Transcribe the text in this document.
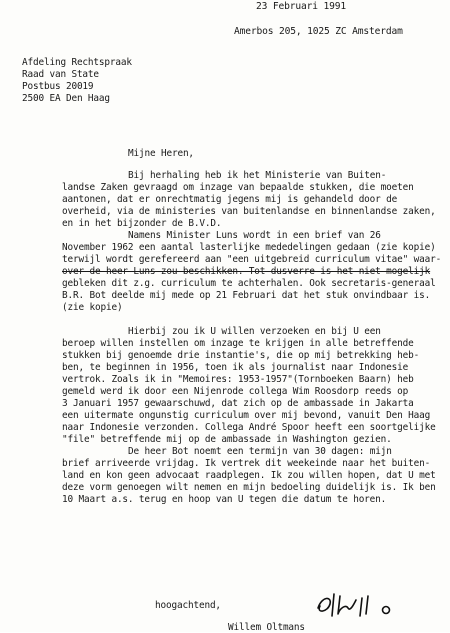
23 Februari 1991

Amerbos 205, 1025 ZC Amsterdam

Afdeling Rechtspraak

Raad van State

Postbus 20019

2500 EA Den Haag

Mijne Heren,

Bij herhaling heb ik het Ministerie van Buiten-

landse Zaken gevraagd om inzage van bepaalde stukken, die moeten

aantonen, dat er onrechtmatig jegens mij is gehandeld door de

overheid, via de ministeries van buitenlandse en binnenlandse zaken,

en in het bijzonder de B.V.D.

Namens Minister Luns wordt in een brief van 26

November 1962 een aantal lasterlijke mededelingen gedaan (zie kopie)

terwijl wordt gerefereerd aan "een uitgebreid curriculum vitae" waar-

over de heer Luns zou beschikken. Tot dusverre is het niet mogelijk

gebleken dit z.g. curriculum te achterhalen. Ook secretaris-generaal

B.R. Bot deelde mij mede op 21 Februari dat het stuk onvindbaar is.

(zie kopie)

Hierbij zou ik U willen verzoeken en bij U een

beroep willen instellen om inzage te krijgen in alle betreffende

stukken bij genoemde drie instantie's, die op mij betrekking heb-

ben, te beginnen in 1956, toen ik als journalist naar Indonesie

vertrok. Zoals ik in "Memoires: 1953-1957"(Tornboeken Baarn) heb

gemeld werd ik door een Nijenrode collega Wim Roosdorp reeds op

3 Januari 1957 gewaarschuwd, dat zich op de ambassade in Jakarta

een uitermate ongunstig curriculum over mij bevond, vanuit Den Haag

naar Indonesie verzonden. Collega André Spoor heeft een soortgelijke

"file" betreffende mij op de ambassade in Washington gezien.

De heer Bot noemt een termijn van 30 dagen: mijn

brief arriveerde vrijdag. Ik vertrek dit weekeinde naar het buiten-

land en kon geen advocaat raadplegen. Ik zou willen hopen, dat U met

deze vorm genoegen wilt nemen en mijn bedoeling duidelijk is. Ik ben

10 Maart a.s. terug en hoop van U tegen die datum te horen.

hoogachtend,

Willem Oltmans
